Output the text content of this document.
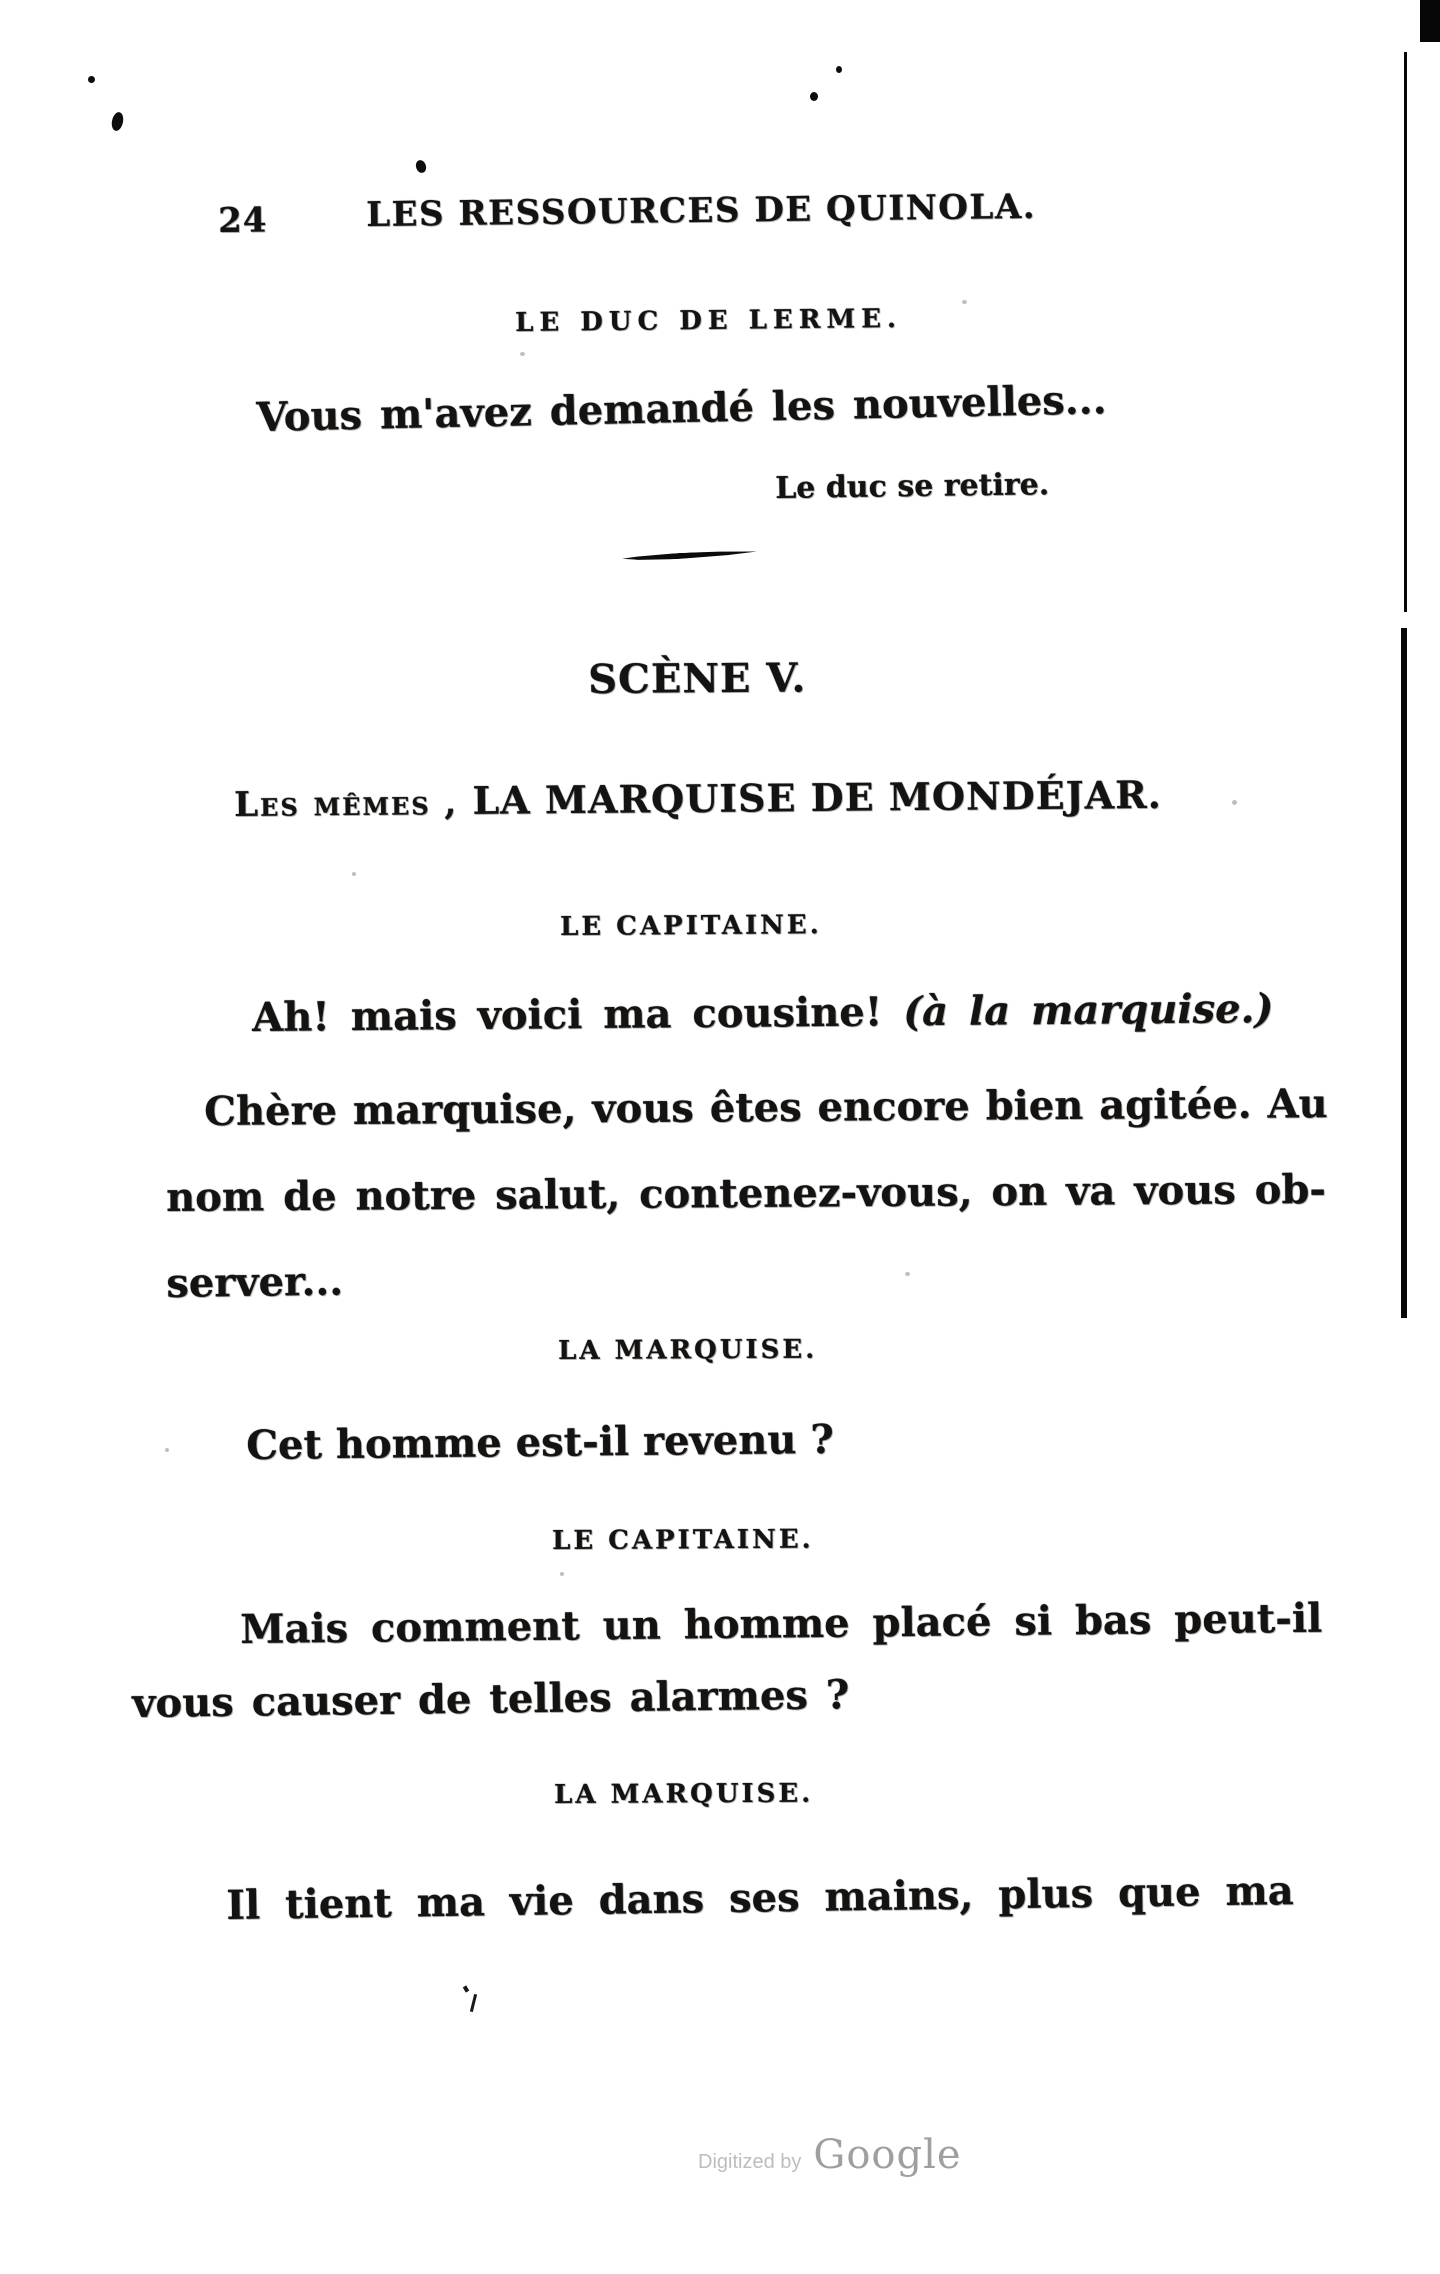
24	LES RESSOURCES DE QUINOLA.
LE DUC DE LERME.
Vous m'avez demandé les nouvelles...
Le duc se retire.
SCÈNE V.
Les mêmes , LA MARQUISE DE MONDÉJAR.
LE CAPITAINE.
Ah! mais voici ma cousine! (à la marquise.)
Chère marquise, vous êtes encore bien agitée. Au
nom de notre salut, contenez-vous, on va vous ob-
server...
LA MARQUISE.
Cet homme est-il revenu ?
LE CAPITAINE.
Mais comment un homme placé si bas peut-il
vous causer de telles alarmes ?
LA MARQUISE.
Il tient ma vie dans ses mains, plus que ma
Digitized by Google
